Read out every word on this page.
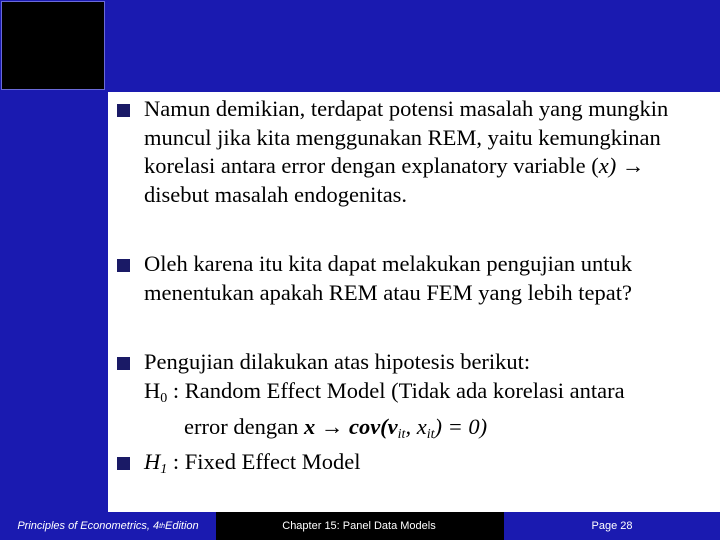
Namun demikian, terdapat potensi masalah yang mungkin muncul jika kita menggunakan REM, yaitu kemungkinan korelasi antara error dengan explanatory variable (x) → disebut masalah endogenitas.
Oleh karena itu kita dapat melakukan pengujian untuk menentukan apakah REM atau FEM yang lebih tepat?
Pengujian dilakukan atas hipotesis berikut:
$H_0$ : Random Effect Model (Tidak ada korelasi antara
error dengan $x \to cov(v_{it}$, $x_{it}) = 0$)
$H_1$ : Fixed Effect Model
Principles of Econometrics, 4 th Edition	Chapter 15: Panel Data Models	Page 28
